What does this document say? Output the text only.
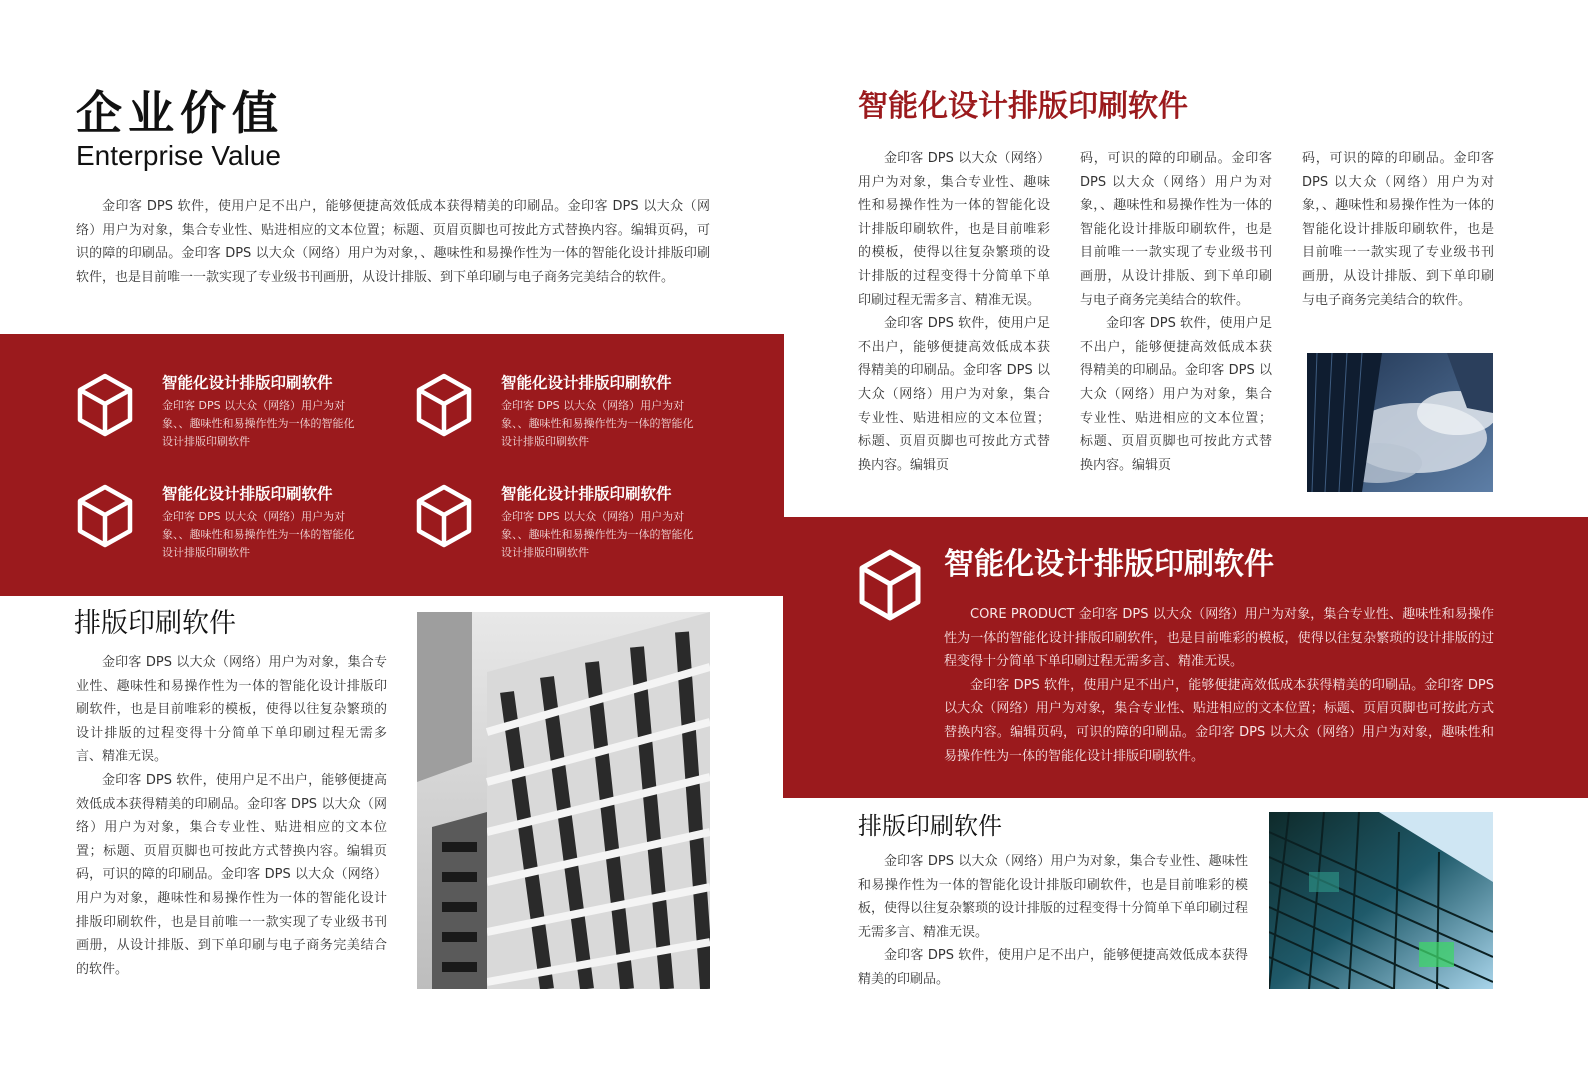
企业价值
Enterprise Value

金印客 DPS 软件，使用户足不出户，能够便捷高效低成本获得精美的印刷品。金印客 DPS 以大众（网络）用户为对象，集合专业性、贴进相应的文本位置；标题、页眉页脚也可按此方式替换内容。编辑页码，可识的障的印刷品。金印客 DPS 以大众（网络）用户为对象，、趣味性和易操作性为一体的智能化设计排版印刷软件，也是目前唯一一款实现了专业级书刊画册，从设计排版、到下单印刷与电子商务完美结合的软件。

智能化设计排版印刷软件
金印客 DPS 以大众（网络）用户为对象、、趣味性和易操作性为一体的智能化设计排版印刷软件
智能化设计排版印刷软件
金印客 DPS 以大众（网络）用户为对象、、趣味性和易操作性为一体的智能化设计排版印刷软件
智能化设计排版印刷软件
金印客 DPS 以大众（网络）用户为对象、、趣味性和易操作性为一体的智能化设计排版印刷软件
智能化设计排版印刷软件
金印客 DPS 以大众（网络）用户为对象、、趣味性和易操作性为一体的智能化设计排版印刷软件
排版印刷软件

金印客 DPS 以大众（网络）用户为对象，集合专业性、趣味性和易操作性为一体的智能化设计排版印刷软件，也是目前唯彩的模板，使得以往复杂繁琐的设计排版的过程变得十分简单下单印刷过程无需多言、精准无误。

金印客 DPS 软件，使用户足不出户，能够便捷高效低成本获得精美的印刷品。金印客 DPS 以大众（网络）用户为对象，集合专业性、贴进相应的文本位置；标题、页眉页脚也可按此方式替换内容。编辑页码，可识的障的印刷品。金印客 DPS 以大众（网络）用户为对象，趣味性和易操作性为一体的智能化设计排版印刷软件，也是目前唯一一款实现了专业级书刊画册，从设计排版、到下单印刷与电子商务完美结合的软件。

智能化设计排版印刷软件

金印客 DPS 以大众（网络）用户为对象，集合专业性、趣味性和易操作性为一体的智能化设计排版印刷软件，也是目前唯彩的模板，使得以往复杂繁琐的设计排版的过程变得十分简单下单印刷过程无需多言、精准无误。

金印客 DPS 软件，使用户足不出户，能够便捷高效低成本获得精美的印刷品。金印客 DPS 以大众（网络）用户为对象，集合专业性、贴进相应的文本位置；标题、页眉页脚也可按此方式替换内容。编辑页

码，可识的障的印刷品。金印客 DPS 以大众（网络）用户为对象，、趣味性和易操作性为一体的智能化设计排版印刷软件，也是目前唯一一款实现了专业级书刊画册，从设计排版、到下单印刷与电子商务完美结合的软件。

金印客 DPS 软件，使用户足不出户，能够便捷高效低成本获得精美的印刷品。金印客 DPS 以大众（网络）用户为对象，集合专业性、贴进相应的文本位置；标题、页眉页脚也可按此方式替换内容。编辑页

码，可识的障的印刷品。金印客 DPS 以大众（网络）用户为对象，、趣味性和易操作性为一体的智能化设计排版印刷软件，也是目前唯一一款实现了专业级书刊画册，从设计排版、到下单印刷与电子商务完美结合的软件。

智能化设计排版印刷软件

CORE PRODUCT 金印客 DPS 以大众（网络）用户为对象，集合专业性、趣味性和易操作性为一体的智能化设计排版印刷软件，也是目前唯彩的模板，使得以往复杂繁琐的设计排版的过程变得十分简单下单印刷过程无需多言、精准无误。

金印客 DPS 软件，使用户足不出户，能够便捷高效低成本获得精美的印刷品。金印客 DPS 以大众（网络）用户为对象，集合专业性、贴进相应的文本位置；标题、页眉页脚也可按此方式替换内容。编辑页码，可识的障的印刷品。金印客 DPS 以大众（网络）用户为对象，趣味性和易操作性为一体的智能化设计排版印刷软件。

排版印刷软件

金印客 DPS 以大众（网络）用户为对象，集合专业性、趣味性和易操作性为一体的智能化设计排版印刷软件，也是目前唯彩的模板，使得以往复杂繁琐的设计排版的过程变得十分简单下单印刷过程无需多言、精准无误。

金印客 DPS 软件，使用户足不出户，能够便捷高效低成本获得精美的印刷品。
